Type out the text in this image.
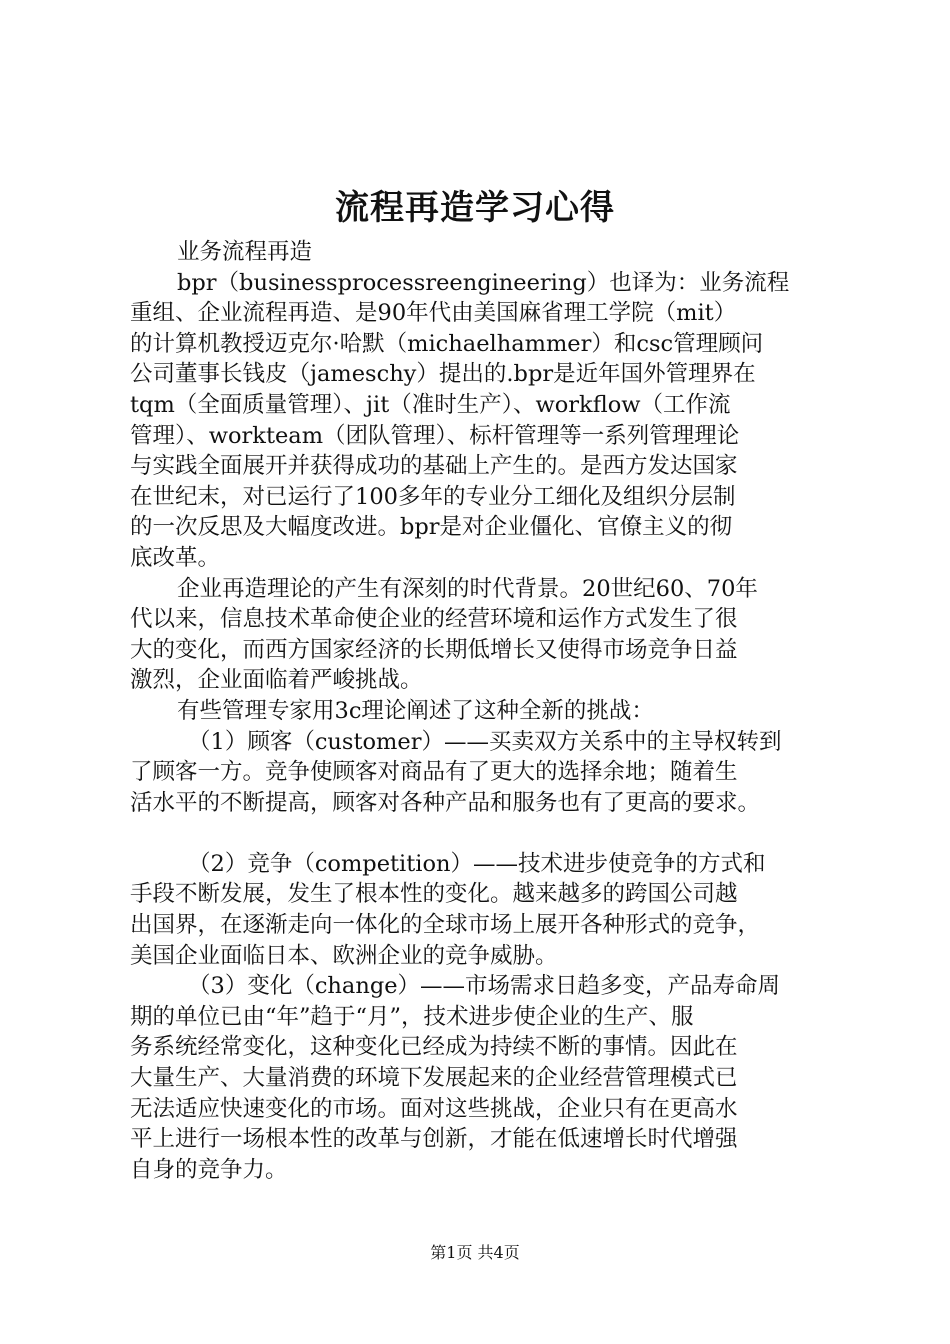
流程再造学习心得
业务流程再造
bpr（businessprocessreengineering）也译为：业务流程
重组、企业流程再造、是90年代由美国麻省理工学院（mit）
的计算机教授迈克尔·哈默（michaelhammer）和csc管理顾问
公司董事长钱皮（jameschy）提出的.bpr是近年国外管理界在
tqm（全面质量管理）、jit（准时生产）、workflow（工作流
管理）、workteam（团队管理）、标杆管理等一系列管理理论
与实践全面展开并获得成功的基础上产生的。是西方发达国家
在世纪末，对已运行了100多年的专业分工细化及组织分层制
的一次反思及大幅度改进。bpr是对企业僵化、官僚主义的彻
底改革。
企业再造理论的产生有深刻的时代背景。20世纪60、70年
代以来，信息技术革命使企业的经营环境和运作方式发生了很
大的变化，而西方国家经济的长期低增长又使得市场竞争日益
激烈，企业面临着严峻挑战。
有些管理专家用3c理论阐述了这种全新的挑战：
（1）顾客（customer）——买卖双方关系中的主导权转到
了顾客一方。竞争使顾客对商品有了更大的选择余地；随着生
活水平的不断提高，顾客对各种产品和服务也有了更高的要求。
（2）竞争（competition）——技术进步使竞争的方式和
手段不断发展，发生了根本性的变化。越来越多的跨国公司越
出国界，在逐渐走向一体化的全球市场上展开各种形式的竞争，
美国企业面临日本、欧洲企业的竞争威胁。
（3）变化（change）——市场需求日趋多变，产品寿命周
期的单位已由“年”趋于“月”，技术进步使企业的生产、服
务系统经常变化，这种变化已经成为持续不断的事情。因此在
大量生产、大量消费的环境下发展起来的企业经营管理模式已
无法适应快速变化的市场。面对这些挑战，企业只有在更高水
平上进行一场根本性的改革与创新，才能在低速增长时代增强
自身的竞争力。
第1页 共4页
